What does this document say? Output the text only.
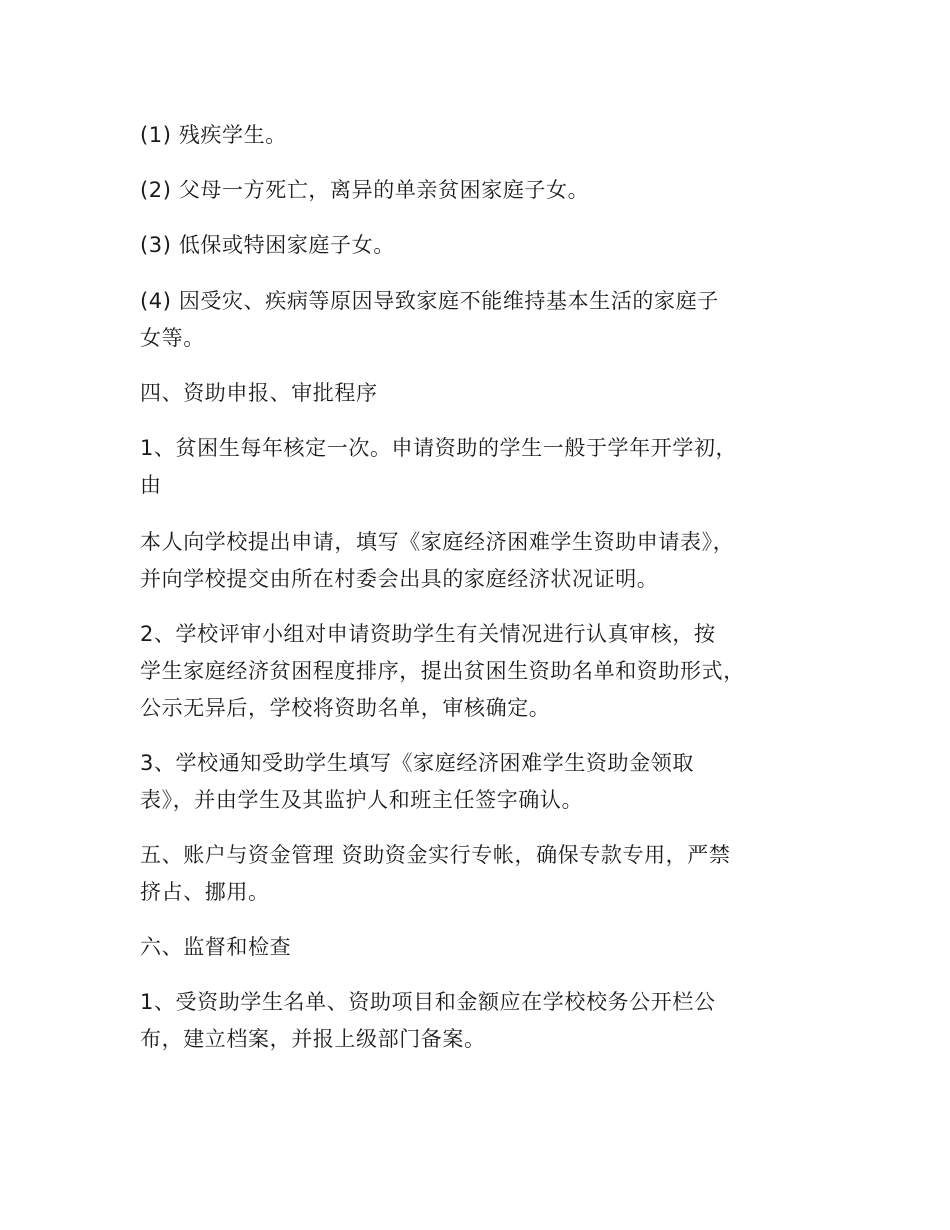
(1) 残疾学生。

(2) 父母一方死亡，离异的单亲贫困家庭子女。

(3) 低保或特困家庭子女。

(4) 因受灾、疾病等原因导致家庭不能维持基本生活的家庭子
女等。

四、资助申报、审批程序

1、贫困生每年核定一次。申请资助的学生一般于学年开学初，
由

本人向学校提出申请，填写《家庭经济困难学生资助申请表》，
并向学校提交由所在村委会出具的家庭经济状况证明。

2、学校评审小组对申请资助学生有关情况进行认真审核，按
学生家庭经济贫困程度排序，提出贫困生资助名单和资助形式，
公示无异后，学校将资助名单，审核确定。

3、学校通知受助学生填写《家庭经济困难学生资助金领取
表》，并由学生及其监护人和班主任签字确认。

五、账户与资金管理 资助资金实行专帐，确保专款专用，严禁
挤占、挪用。

六、监督和检查

1、受资助学生名单、资助项目和金额应在学校校务公开栏公
布，建立档案，并报上级部门备案。
